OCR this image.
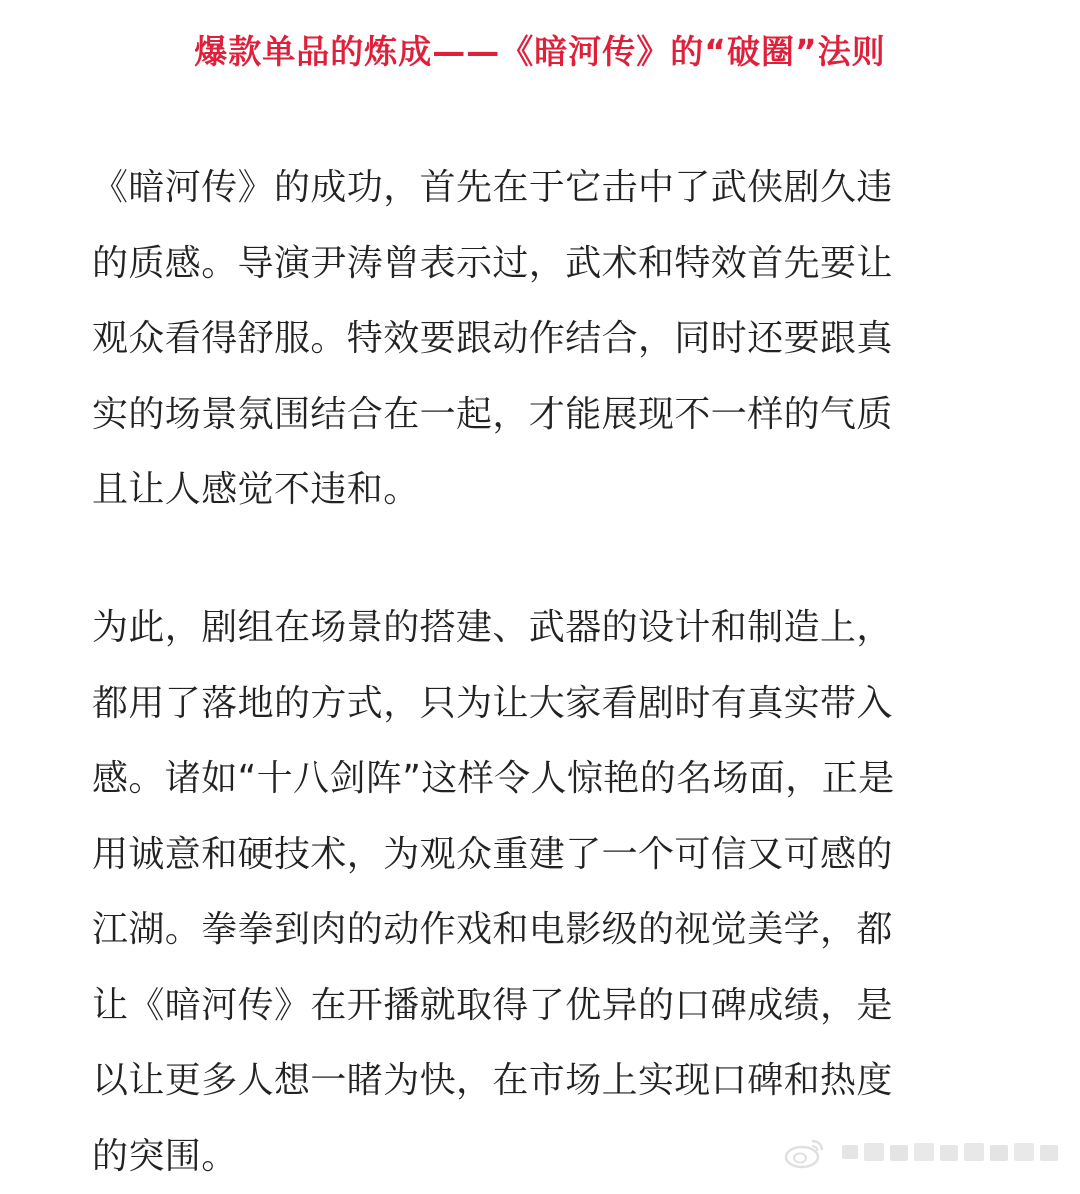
爆款单品的炼成——《暗河传》的“破圈”法则
《暗河传》的成功，首先在于它击中了武侠剧久违
的质感。导演尹涛曾表示过，武术和特效首先要让
观众看得舒服。特效要跟动作结合，同时还要跟真
实的场景氛围结合在一起，才能展现不一样的气质
且让人感觉不违和。
为此，剧组在场景的搭建、武器的设计和制造上，
都用了落地的方式，只为让大家看剧时有真实带入
感。诸如“十八剑阵”这样令人惊艳的名场面，正是
用诚意和硬技术，为观众重建了一个可信又可感的
江湖。拳拳到肉的动作戏和电影级的视觉美学，都
让《暗河传》在开播就取得了优异的口碑成绩，是
以让更多人想一睹为快，在市场上实现口碑和热度
的突围。
